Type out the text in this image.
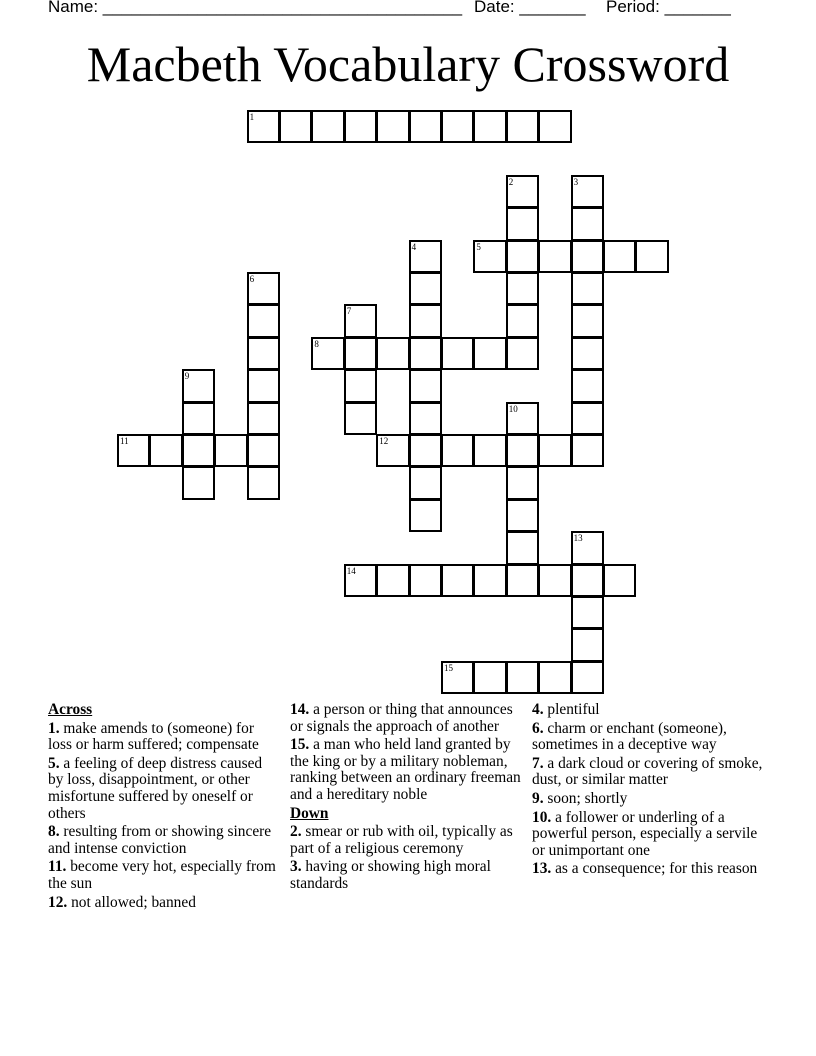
Name: ______________________________________ Date: _______ Period: _______
Macbeth Vocabulary Crossword
1
2	3
4	5
6
7
8
9
10
11	12
13
14
15
Across
1. make amends to (someone) for loss or harm suffered; compensate
5. a feeling of deep distress caused by loss, disappointment, or other misfortune suffered by oneself or others
8. resulting from or showing sincere and intense conviction
11. become very hot, especially from the sun
12. not allowed; banned
14. a person or thing that announces or signals the approach of another
15. a man who held land granted by the king or by a military nobleman, ranking between an ordinary freeman and a hereditary noble
Down
2. smear or rub with oil, typically as part of a religious ceremony
3. having or showing high moral standards
4. plentiful
6. charm or enchant (someone), sometimes in a deceptive way
7. a dark cloud or covering of smoke, dust, or similar matter
9. soon; shortly
10. a follower or underling of a powerful person, especially a servile or unimportant one
13. as a consequence; for this reason
